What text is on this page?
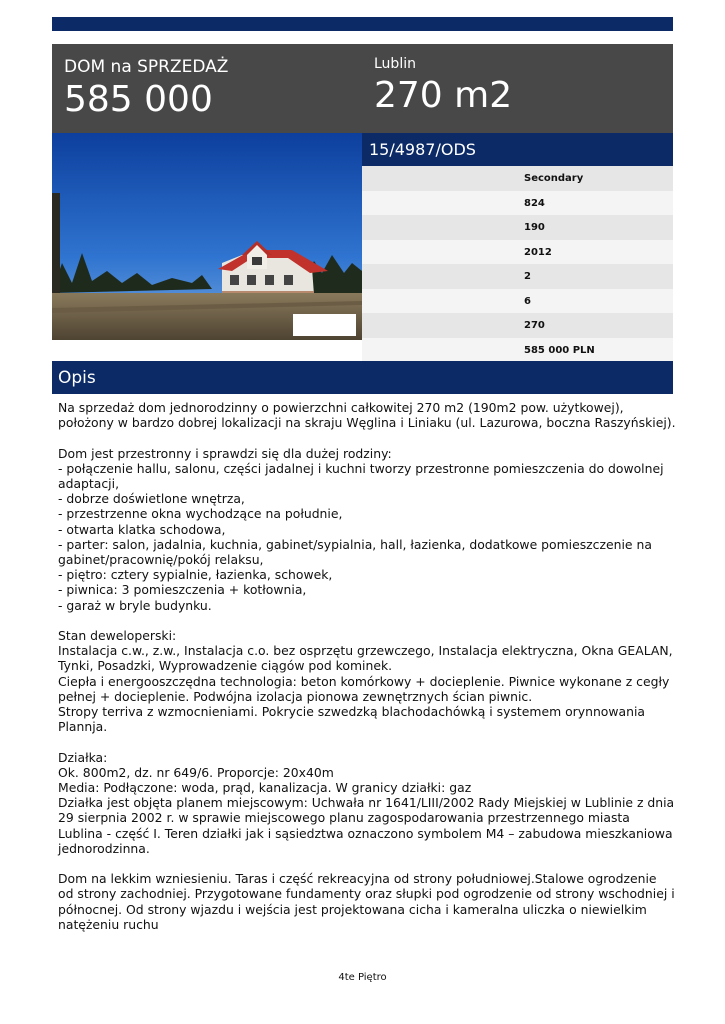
DOM na SPRZEDAŻ
585 000
Lublin
270 m2
15/4987/ODS
Secondary
824
190
2012
2
6
270
585 000 PLN
Opis
Na sprzedaż dom jednorodzinny o powierzchni całkowitej 270 m2 (190m2 pow. użytkowej),
położony w bardzo dobrej lokalizacji na skraju Węglina i Liniaku (ul. Lazurowa, boczna Raszyńskiej).
Dom jest przestronny i sprawdzi się dla dużej rodziny:
- połączenie hallu, salonu, części jadalnej i kuchni tworzy przestronne pomieszczenia do dowolnej
adaptacji,
- dobrze doświetlone wnętrza,
- przestrzenne okna wychodzące na południe,
- otwarta klatka schodowa,
- parter: salon, jadalnia, kuchnia, gabinet/sypialnia, hall, łazienka, dodatkowe pomieszczenie na
gabinet/pracownię/pokój relaksu,
- piętro: cztery sypialnie, łazienka, schowek,
- piwnica: 3 pomieszczenia + kotłownia,
- garaż w bryle budynku.
Stan deweloperski:
Instalacja c.w., z.w., Instalacja c.o. bez osprzętu grzewczego, Instalacja elektryczna, Okna GEALAN,
Tynki, Posadzki, Wyprowadzenie ciągów pod kominek.
Ciepła i energooszczędna technologia: beton komórkowy + docieplenie. Piwnice wykonane z cegły
pełnej + docieplenie. Podwójna izolacja pionowa zewnętrznych ścian piwnic.
Stropy terriva z wzmocnieniami. Pokrycie szwedzką blachodachówką i systemem orynnowania
Plannja.
Działka:
Ok. 800m2, dz. nr 649/6. Proporcje: 20x40m
Media: Podłączone: woda, prąd, kanalizacja. W granicy działki: gaz
Działka jest objęta planem miejscowym: Uchwała nr 1641/LIII/2002 Rady Miejskiej w Lublinie z dnia
29 sierpnia 2002 r. w sprawie miejscowego planu zagospodarowania przestrzennego miasta
Lublina - część I. Teren działki jak i sąsiedztwa oznaczono symbolem M4 – zabudowa mieszkaniowa
jednorodzinna.
Dom na lekkim wzniesieniu. Taras i część rekreacyjna od strony południowej.Stalowe ogrodzenie
od strony zachodniej. Przygotowane fundamenty oraz słupki pod ogrodzenie od strony wschodniej i
północnej. Od strony wjazdu i wejścia jest projektowana cicha i kameralna uliczka o niewielkim
natężeniu ruchu
4te Piętro
